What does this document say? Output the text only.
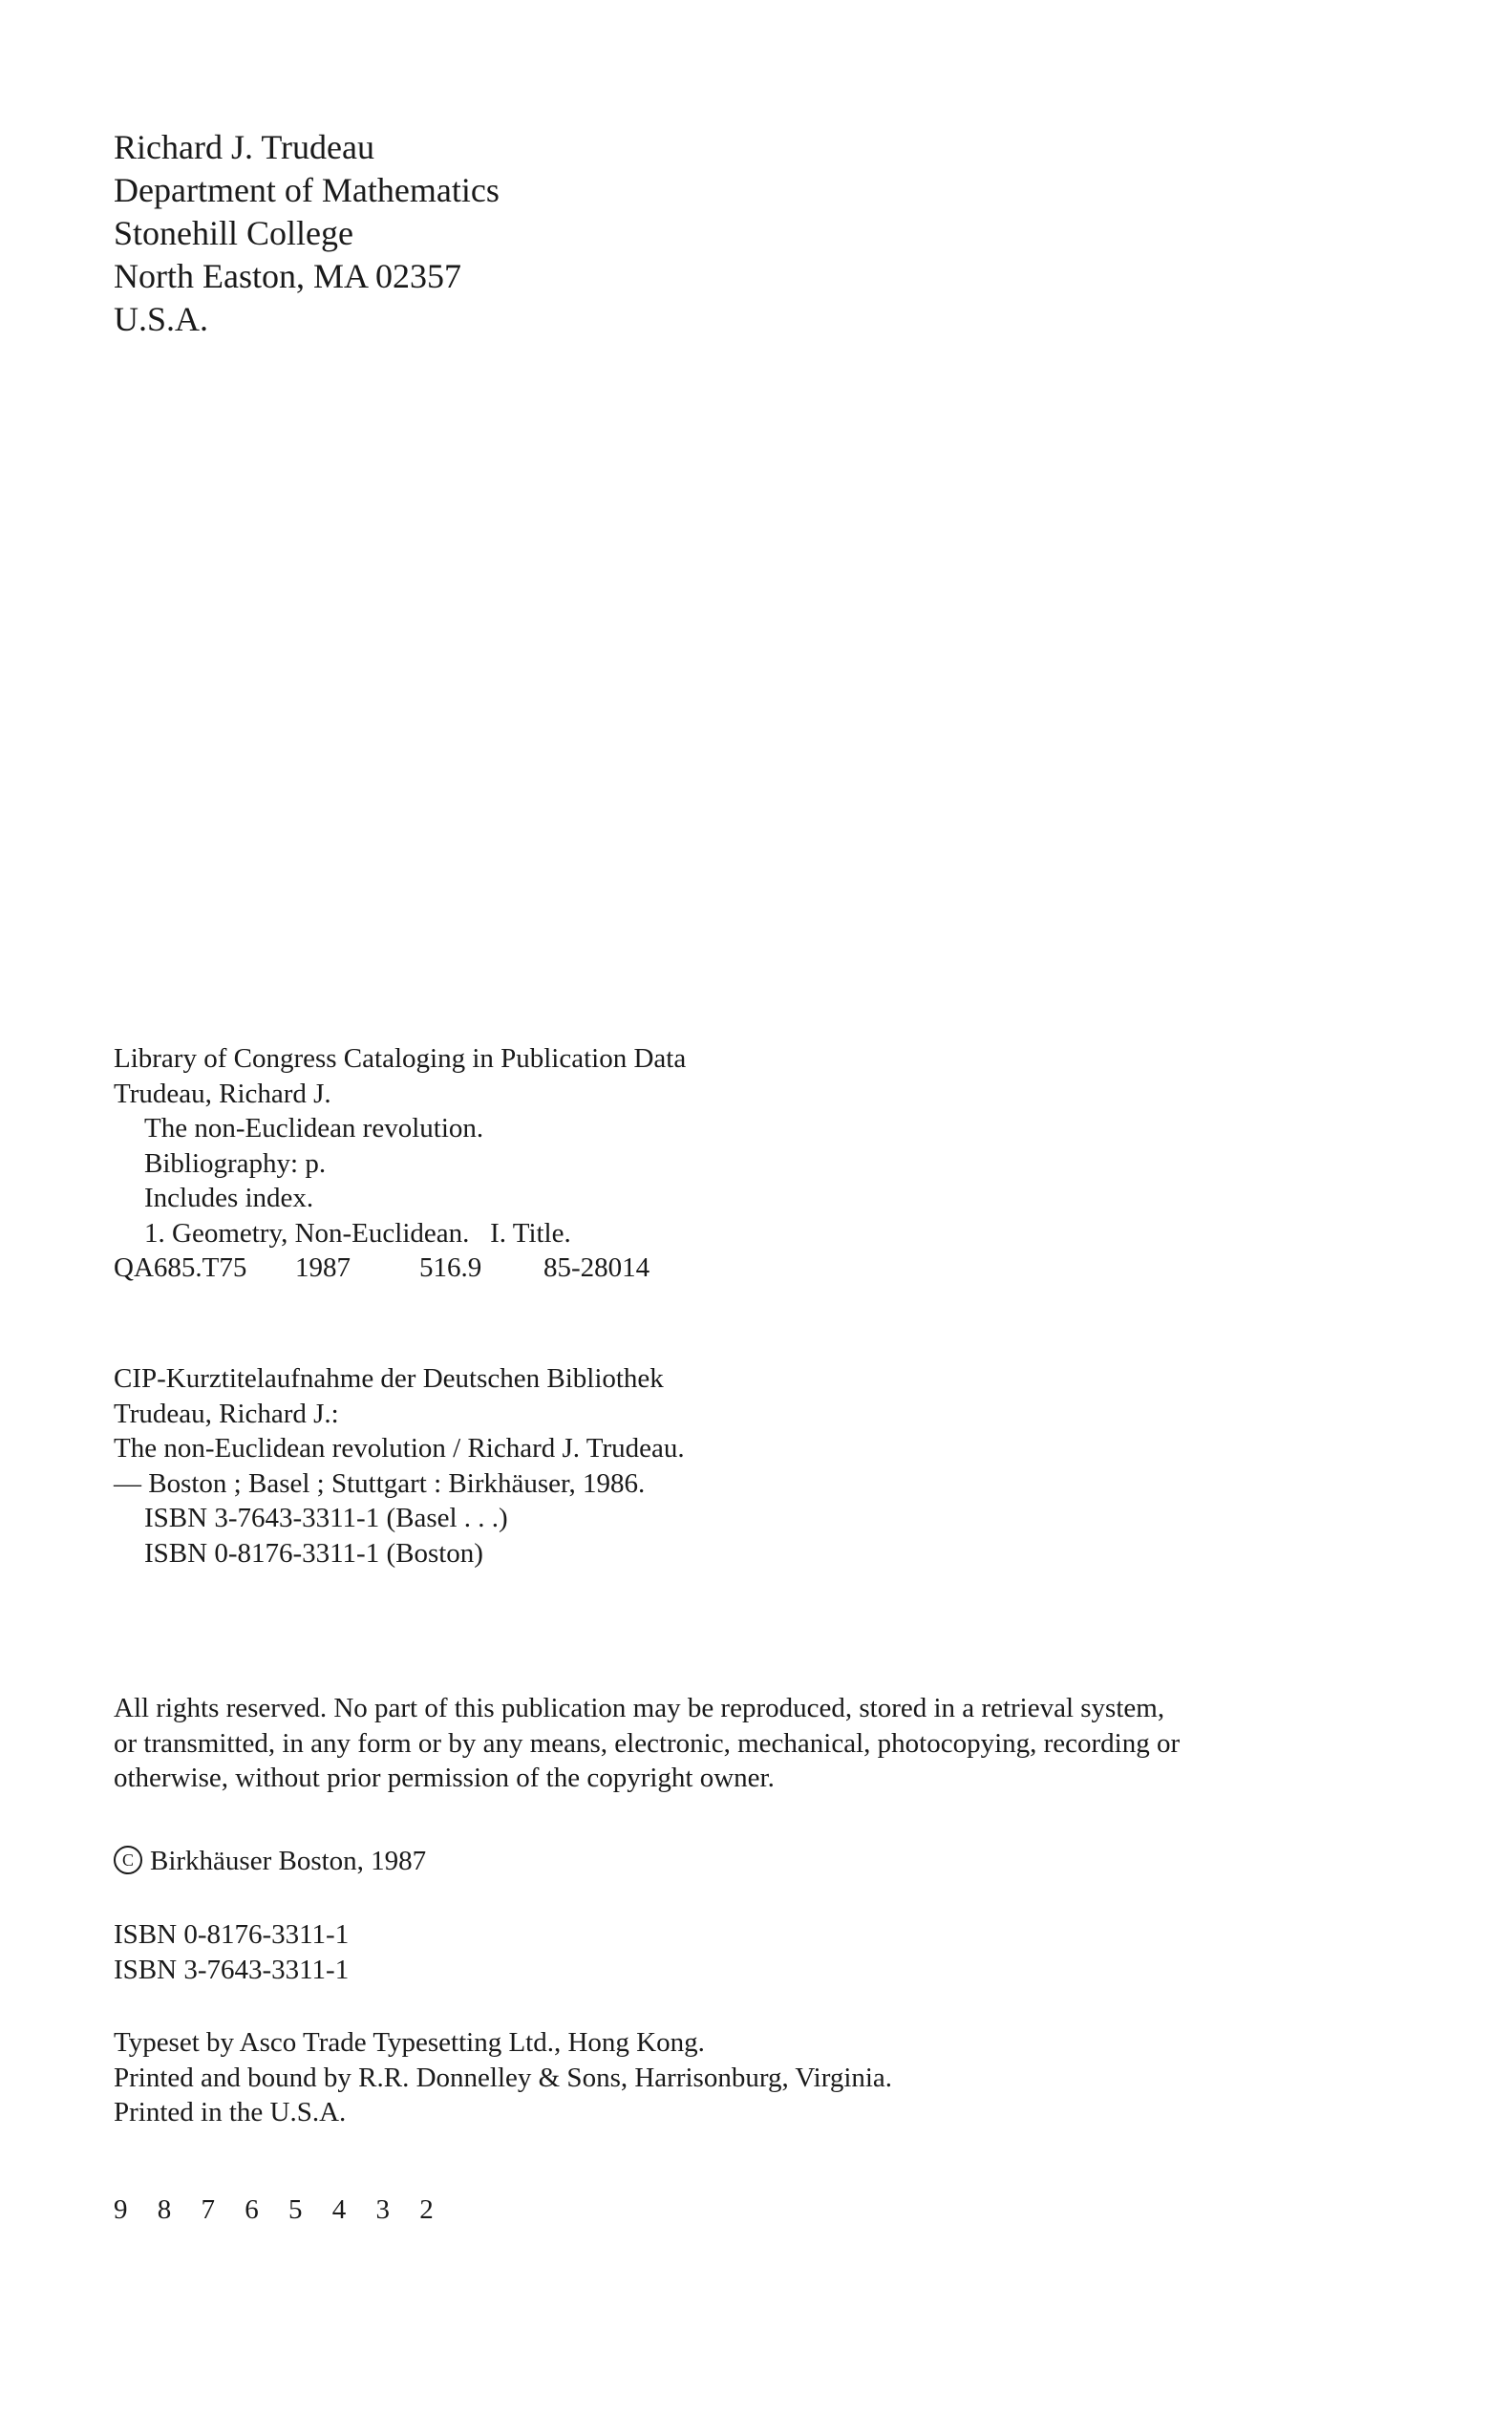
Richard J. Trudeau
Department of Mathematics
Stonehill College
North Easton, MA 02357
U.S.A.
Library of Congress Cataloging in Publication Data
Trudeau, Richard J.
The non-Euclidean revolution.
Bibliography: p.
Includes index.
1. Geometry, Non-Euclidean.   I. Title.
QA685.T75 1987 516.9 85-28014
CIP-Kurztitelaufnahme der Deutschen Bibliothek
Trudeau, Richard J.:
The non-Euclidean revolution / Richard J. Trudeau.
— Boston ; Basel ; Stuttgart : Birkhäuser, 1986.
ISBN 3-7643-3311-1 (Basel . . .)
ISBN 0-8176-3311-1 (Boston)
All rights reserved. No part of this publication may be reproduced, stored in a retrieval system,
or transmitted, in any form or by any means, electronic, mechanical, photocopying, recording or
otherwise, without prior permission of the copyright owner.
C Birkhäuser Boston, 1987
ISBN 0-8176-3311-1
ISBN 3-7643-3311-1
Typeset by Asco Trade Typesetting Ltd., Hong Kong.
Printed and bound by R.R. Donnelley & Sons, Harrisonburg, Virginia.
Printed in the U.S.A.
9 8 7 6 5 4 3 2
